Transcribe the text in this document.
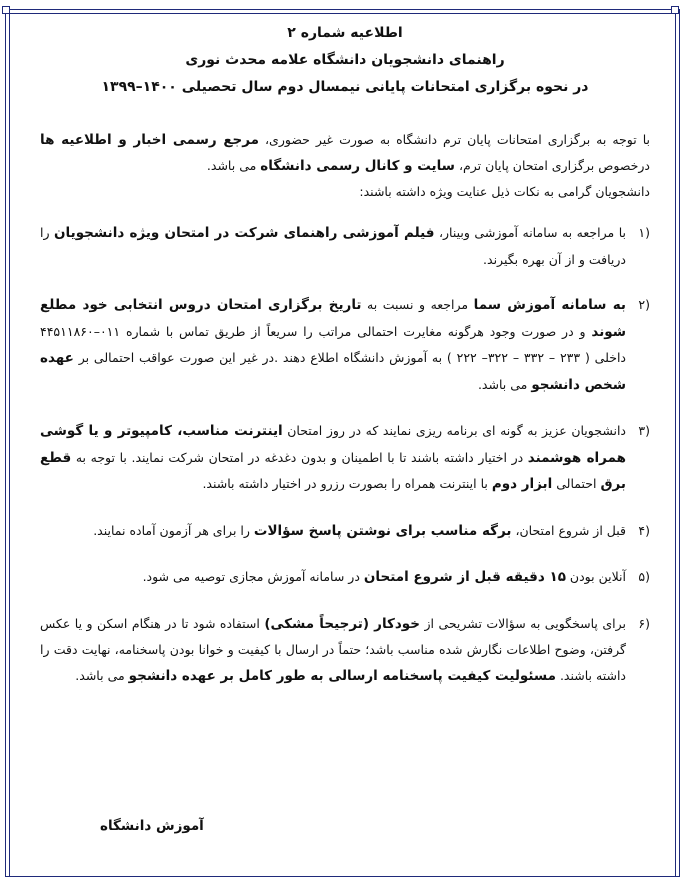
اطلاعیه شماره ۲
راهنمای دانشجویان دانشگاه علامه محدث نوری
در نحوه برگزاری امتحانات پایانی نیمسال دوم سال تحصیلی ۱۴۰۰–۱۳۹۹

با توجه به برگزاری امتحانات پایان ترم دانشگاه به صورت غیر حضوری، مرجع رسمی اخبار و اطلاعیه ها درخصوص برگزاری امتحان پایان ترم، سایت و کانال رسمی دانشگاه می باشد.

دانشجویان گرامی به نکات ذیل عنایت ویژه داشته باشند:

(۱

با مراجعه به سامانه آموزشی وبینار، فیلم آموزشی راهنمای شرکت در امتحان ویژه دانشجویان را دریافت و از آن بهره بگیرند.

(۲

به سامانه آموزش سما مراجعه و نسبت به تاریخ برگزاری امتحان دروس انتخابی خود مطلع شوند و در صورت وجود هرگونه مغایرت احتمالی مراتب را سریعاً از طریق تماس با شماره ۰۱۱–۴۴۵۱۱۸۶۰ داخلی ( ۲۳۳ – ۳۳۲ – ۳۲۲– ۲۲۲ ) به آموزش دانشگاه اطلاع دهند .در غیر این صورت عواقب احتمالی بر عهده شخص دانشجو می باشد.

(۳

دانشجویان عزیز به گونه ای برنامه ریزی نمایند که در روز امتحان اینترنت مناسب، کامپیوتر و یا گوشی همراه هوشمند در اختیار داشته باشند تا با اطمینان و بدون دغدغه در امتحان شرکت نمایند. با توجه به قطع برق احتمالی ابزار دوم با اینترنت همراه را بصورت رزرو در اختیار داشته باشند.

(۴

قبل از شروع امتحان، برگه مناسب برای نوشتن پاسخ سؤالات را برای هر آزمون آماده نمایند.

(۵

آنلاین بودن ۱۵ دقیقه قبل از شروع امتحان در سامانه آموزش مجازی توصیه می شود.

(۶

برای پاسخگویی به سؤالات تشریحی از خودکار (ترجیحاً مشکی) استفاده شود تا در هنگام اسکن و یا عکس گرفتن، وضوح اطلاعات نگارش شده مناسب باشد؛ حتماً در ارسال با کیفیت و خوانا بودن پاسخنامه، نهایت دقت را داشته باشند. مسئولیت کیفیت پاسخنامه ارسالی به طور کامل بر عهده دانشجو می باشد.

آموزش دانشگاه
